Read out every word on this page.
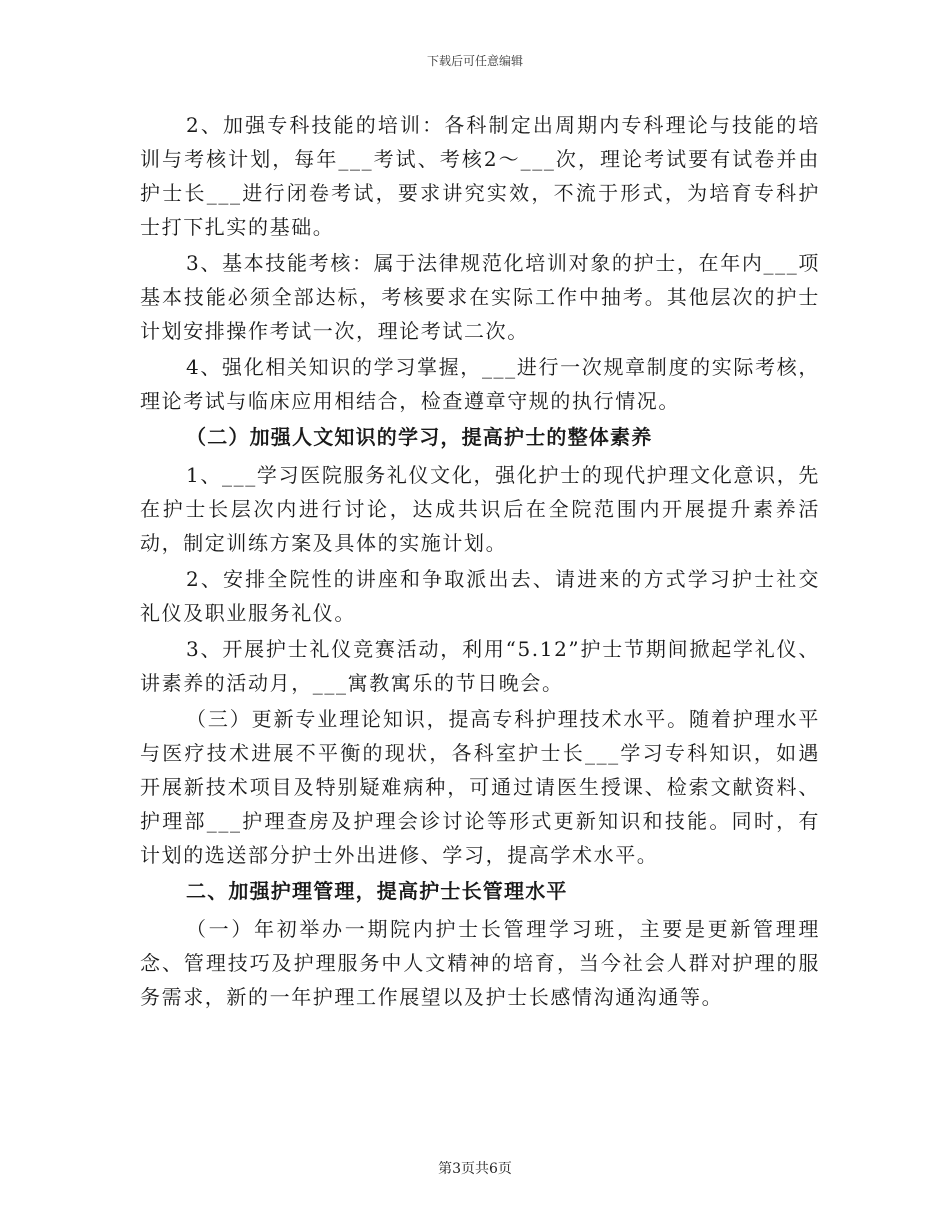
下载后可任意编辑

2、加强专科技能的培训：各科制定出周期内专科理论与技能的培训与考核计划，每年___考试、考核2～___次，理论考试要有试卷并由护士长___进行闭卷考试，要求讲究实效，不流于形式，为培育专科护士打下扎实的基础。

3、基本技能考核：属于法律规范化培训对象的护士，在年内___项基本技能必须全部达标，考核要求在实际工作中抽考。其他层次的护士计划安排操作考试一次，理论考试二次。

4、强化相关知识的学习掌握，___进行一次规章制度的实际考核，理论考试与临床应用相结合，检查遵章守规的执行情况。

（二）加强人文知识的学习，提高护士的整体素养

1、___学习医院服务礼仪文化，强化护士的现代护理文化意识，先在护士长层次内进行讨论，达成共识后在全院范围内开展提升素养活动，制定训练方案及具体的实施计划。

2、安排全院性的讲座和争取派出去、请进来的方式学习护士社交礼仪及职业服务礼仪。

3、开展护士礼仪竞赛活动，利用“5.12”护士节期间掀起学礼仪、讲素养的活动月，___寓教寓乐的节日晚会。

（三）更新专业理论知识，提高专科护理技术水平。随着护理水平与医疗技术进展不平衡的现状，各科室护士长___学习专科知识，如遇开展新技术项目及特别疑难病种，可通过请医生授课、检索文献资料、护理部___护理查房及护理会诊讨论等形式更新知识和技能。同时，有计划的选送部分护士外出进修、学习，提高学术水平。

二、加强护理管理，提高护士长管理水平

（一）年初举办一期院内护士长管理学习班，主要是更新管理理念、管理技巧及护理服务中人文精神的培育，当今社会人群对护理的服务需求，新的一年护理工作展望以及护士长感情沟通沟通等。

第3页共6页
